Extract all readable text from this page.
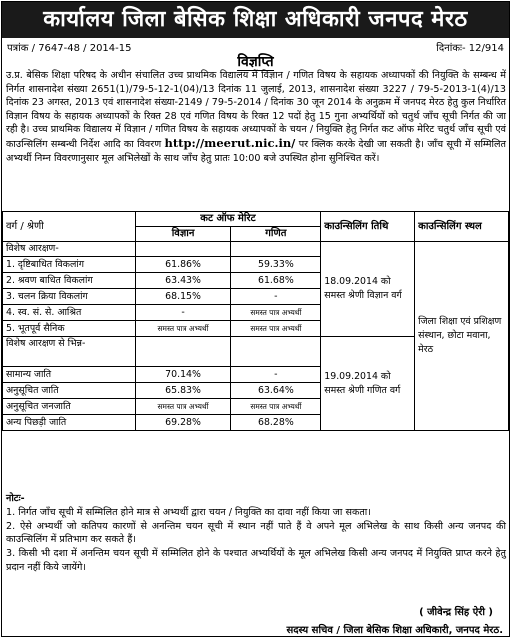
कार्यालय जिला बेसिक शिक्षा अधिकारी जनपद मेरठ
पत्रांक / 7647-48 / 2014-15	दिनांकः- 12/914
विज्ञप्ति
उ.प्र. बेसिक शिक्षा परिषद के अधीन संचालित उच्च प्राथमिक विद्यालय में विज्ञान / गणित विषय के सहायक अध्यापकों की नियुक्ति के सम्बन्ध में निर्गत शासनादेश संख्या 2651(1)/79-5-12-1(04)/13 दिनांक 11 जुलाई, 2013, शासनादेश संख्या 3227 / 79-5-2013-1(4)/13 दिनांक 23 अगस्त, 2013 एवं शासनादेश संख्या-2149 / 79-5-2014 / दिनांक 30 जून 2014 के अनुक्रम में जनपद मेरठ हेतु कुल निर्धारित विज्ञान विषय के सहायक अध्यापकों के रिक्त 28 एवं गणित विषय के रिक्त 12 पदों हेतु 15 गुना अभ्यर्थियों को चतुर्थ जाँच सूची निर्गत की जा रही है। उच्च प्राथमिक विद्यालय में विज्ञान / गणित विषय के सहायक अध्यापकों के चयन / नियुक्ति हेतु निर्गत कट ऑफ मेरिट चतुर्थ जाँच सूची एवं काउन्सिलिंग सम्बन्धी निर्देश आदि का विवरण http://meerut.nic.in/ पर क्लिक करके देखी जा सकती है। जाँच सूची में सम्मिलित अभ्यर्थी निम्न विवरणानुसार मूल अभिलेखों के साथ जाँच हेतु प्रातः 10:00 बजे उपस्थित होना सुनिश्चित करें।
वर्ग / श्रेणी	कट ऑफ मेरिट		काउन्सिलिंग तिथि	काउन्सिलिंग स्थल
	विज्ञान	गणित		
विशेष आरक्षण-			18.09.2014 को समस्त श्रेणी विज्ञान वर्ग	जिला शिक्षा एवं प्रशिक्षण संस्थान, छोटा मवाना, मेरठ
1. दृष्टिबाधित विकलांग	61.86%	59.33%		
2. श्रवण बाधित विकलांग	63.43%	61.68%		
3. चलन क्रिया विकलांग	68.15%	-		
4. स्व. सं. से. आश्रित	-	समस्त पात्र अभ्यर्थी		
5. भूतपूर्व सैनिक	समस्त पात्र अभ्यर्थी	समस्त पात्र अभ्यर्थी		
विशेष आरक्षण से भिन्न-			19.09.2014 को समस्त श्रेणी गणित वर्ग	
सामान्य जाति	70.14%	-		
अनुसूचित जाति	65.83%	63.64%		
अनुसूचित जनजाति	समस्त पात्र अभ्यर्थी	समस्त पात्र अभ्यर्थी		
अन्य पिछड़ी जाति	69.28%	68.28%		
नोटः-
1. निर्गत जाँच सूची में सम्मिलित होने मात्र से अभ्यर्थी द्वारा चयन / नियुक्ति का दावा नहीं किया जा सकता।
2. ऐसे अभ्यर्थी जो कतिपय कारणों से अनन्तिम चयन सूची में स्थान नहीं पाते हैं वे अपने मूल अभिलेख के साथ किसी अन्य जनपद की काउन्सिलिंग में प्रतिभाग कर सकते हैं।
3. किसी भी दशा में अनन्तिम चयन सूची में सम्मिलित होने के पश्चात अभ्यर्थियों के मूल अभिलेख किसी अन्य जनपद में नियुक्ति प्राप्त करने हेतु प्रदान नहीं किये जायेंगे।
( जीवेन्द्र सिंह ऐरी )
सदस्य सचिव / जिला बेसिक शिक्षा अधिकारी, जनपद मेरठ.
